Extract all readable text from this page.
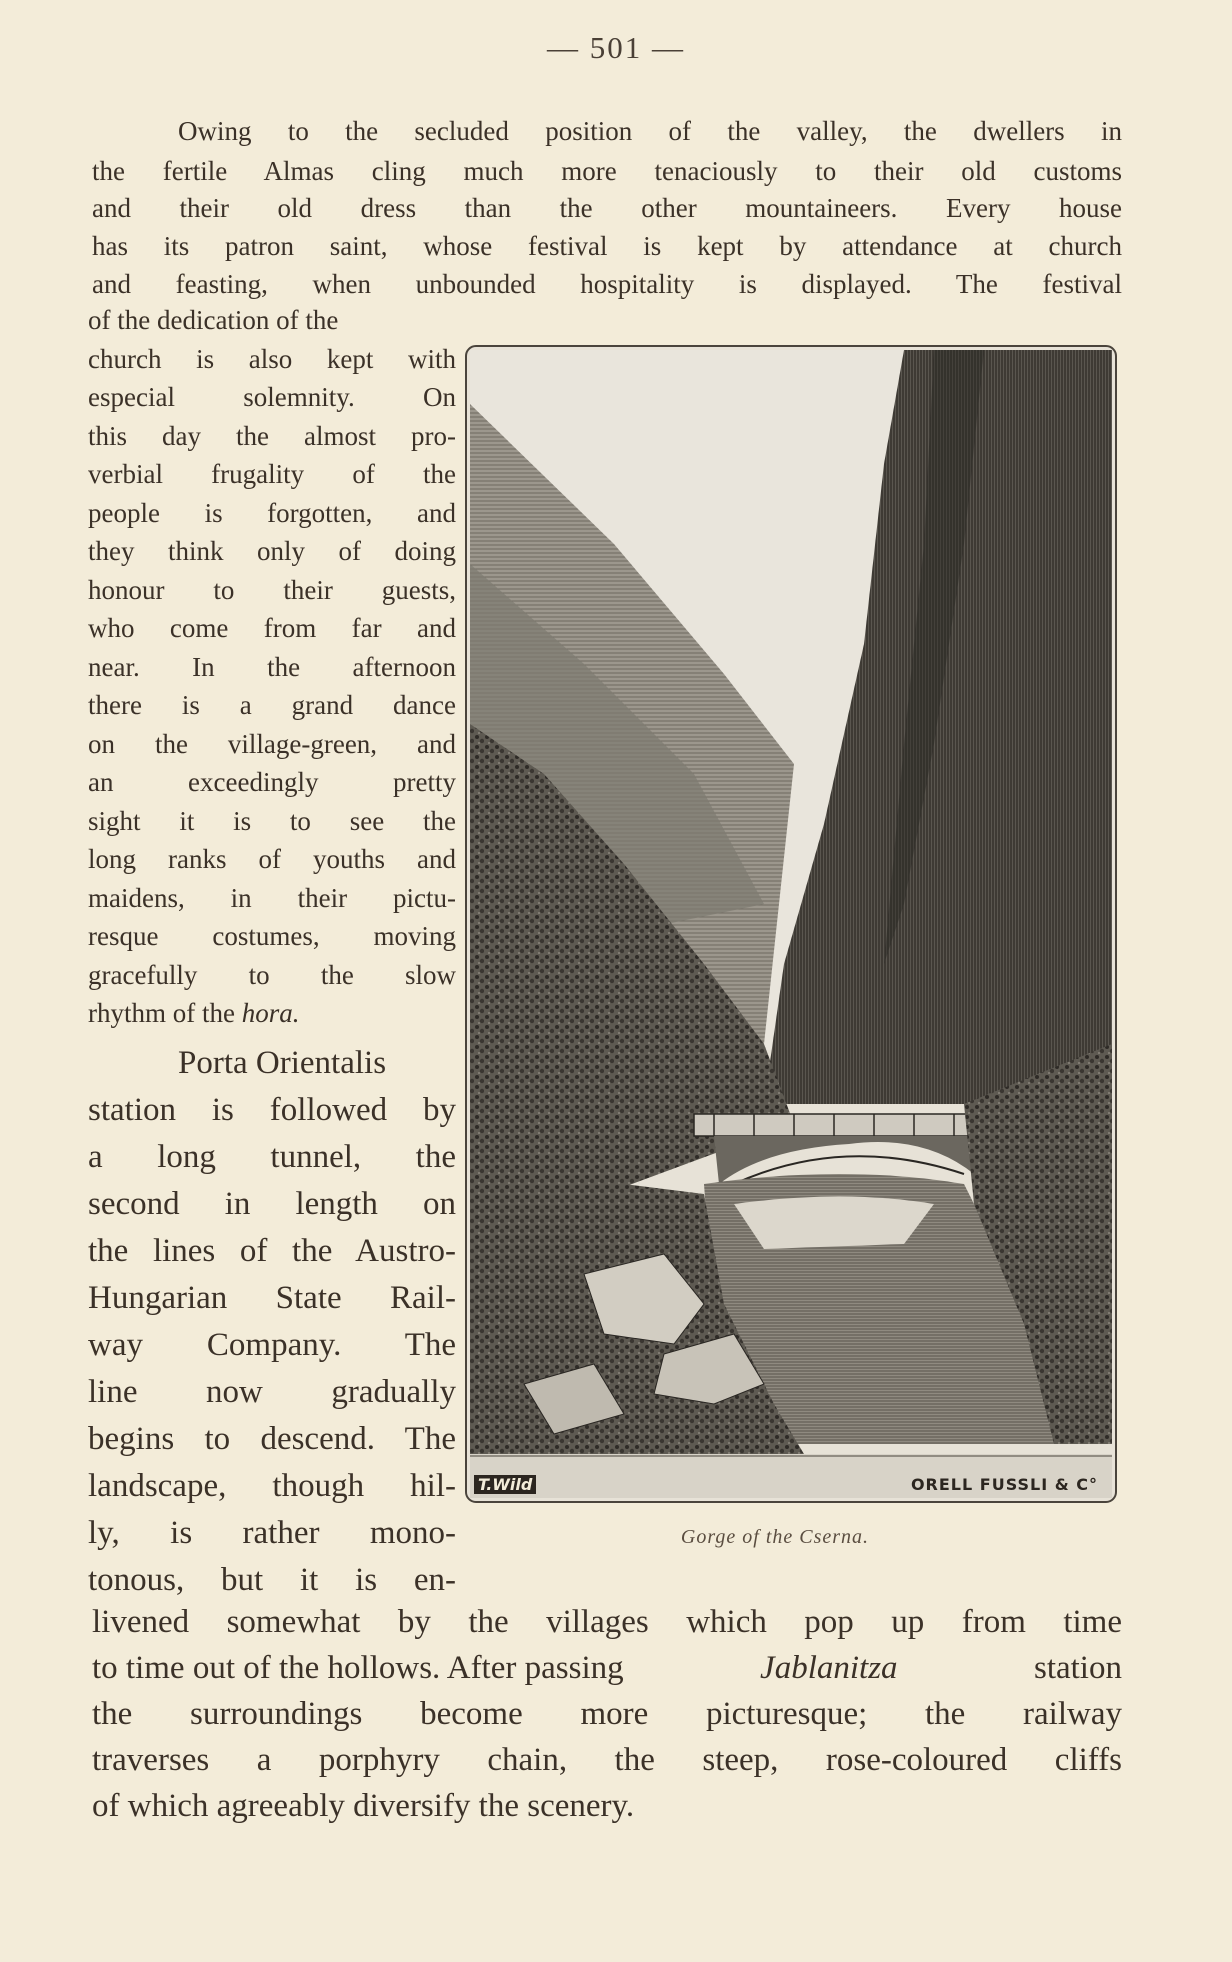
— 501 —
Owing to the secluded position of the valley, the dwellers in
the fertile Almas cling much more tenaciously to their old customs
and their old dress than the other mountaineers. Every house
has its patron saint, whose festival is kept by attendance at church
and feasting, when unbounded hospitality is displayed. The festival
of the dedication of the
church is also kept with
especial solemnity. On
this day the almost pro-
verbial frugality of the
people is forgotten, and
they think only of doing
honour to their guests,
who come from far and
near. In the afternoon
there is a grand dance
on the village-green, and
an exceedingly pretty
sight it is to see the
long ranks of youths and
maidens, in their pictu-
resque costumes, moving
gracefully to the slow
rhythm of the hora.
Porta Orientalis
station is followed by
a long tunnel, the
second in length on
the lines of the Austro-
Hungarian State Rail-
way Company. The
line now gradually
begins to descend. The
landscape, though hil-
ly, is rather mono-
tonous, but it is en-
livened somewhat by the villages which pop up from time
to time out of the hollows. After passing	Jablanitza	station
the surroundings become more picturesque; the railway
traverses a porphyry chain, the steep, rose-coloured cliffs
of which agreeably diversify the scenery.
T.Wild	ORELL FUSSLI & C°
Gorge of the Cserna.
